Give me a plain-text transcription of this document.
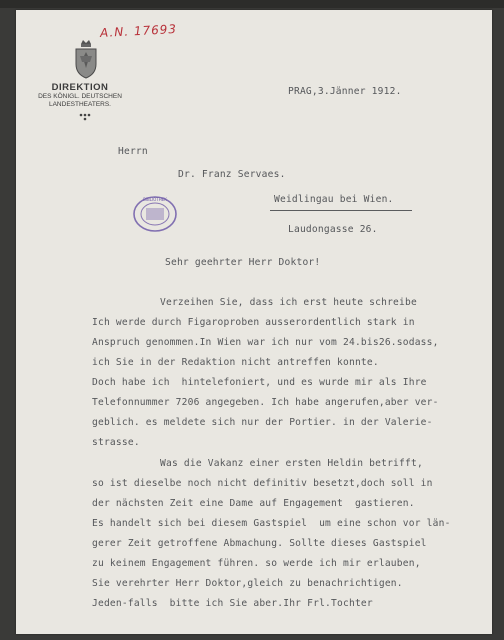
A.N. 17693
DIREKTION
DES KÖNIGL. DEUTSCHEN
LANDESTHEATERS.
PRAG,3.Jänner 1912.
Herrn
Dr. Franz Servaes.
BIBLIOTHEK	Weidlingau bei Wien.
Laudongasse 26.
Sehr geehrter Herr Doktor!
Verzeihen Sie, dass ich erst heute schreibe
Ich werde durch Figaroproben ausserordentlich stark in
Anspruch genommen.In Wien war ich nur vom 24.bis26.sodass,
ich Sie in der Redaktion nicht antreffen konnte.
Doch habe ich  hintelefoniert, und es wurde mir als Ihre
Telefonnummer 7206 angegeben. Ich habe angerufen,aber ver-
geblich. es meldete sich nur der Portier. in der Valerie-
strasse.
Was die Vakanz einer ersten Heldin betrifft,
so ist dieselbe noch nicht definitiv besetzt,doch soll in
der nächsten Zeit eine Dame auf Engagement  gastieren.
Es handelt sich bei diesem Gastspiel  um eine schon vor län-
gerer Zeit getroffene Abmachung. Sollte dieses Gastspiel
zu keinem Engagement führen. so werde ich mir erlauben,
Sie verehrter Herr Doktor,gleich zu benachrichtigen.
Jeden-falls  bitte ich Sie aber.Ihr Frl.Tochter
